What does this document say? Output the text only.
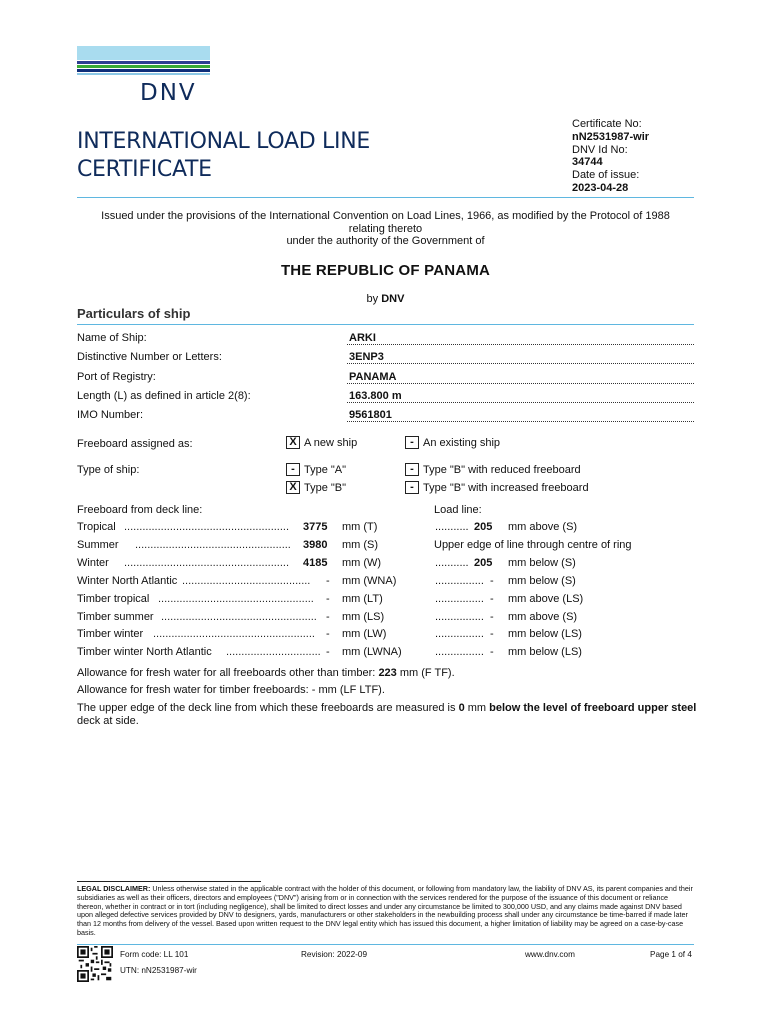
DNV
INTERNATIONAL LOAD LINE
CERTIFICATE
Certificate No:
nN2531987-wir
DNV Id No:
34744
Date of issue:
2023-04-28
Issued under the provisions of the International Convention on Load Lines, 1966, as modified by the Protocol of 1988
relating thereto
under the authority of the Government of
THE REPUBLIC OF PANAMA
by DNV
Particulars of ship
Name of Ship:	ARKI
Distinctive Number or Letters:	3ENP3
Port of Registry:	PANAMA
Length (L) as defined in article 2(8):	163.800 m
IMO Number:	9561801
Freeboard assigned as:	X A new ship	- An existing ship
Type of ship:	- Type "A"	- Type "B" with reduced freeboard
X Type "B"	- Type "B" with increased freeboard
Freeboard from deck line:	Load line:
Tropical ...................................................... 3775 mm (T)	........... 205 mm above (S)
Summer ................................................... 3980 mm (S)	Upper edge of line through centre of ring
Winter ...................................................... 4185 mm (W)	........... 205 mm below (S)
Winter North Atlantic .......................................... - mm (WNA)	................ - mm below (S)
Timber tropical ................................................... - mm (LT)	................ - mm above (LS)
Timber summer ................................................... - mm (LS)	................ - mm above (S)
Timber winter ..................................................... - mm (LW)	................ - mm below (LS)
Timber winter North Atlantic ............................... - mm (LWNA)	................ - mm below (LS)
Allowance for fresh water for all freeboards other than timber: 223 mm (F TF).
Allowance for fresh water for timber freeboards: - mm (LF LTF).
The upper edge of the deck line from which these freeboards are measured is 0 mm below the level of freeboard upper steel deck at side.
LEGAL DISCLAIMER: Unless otherwise stated in the applicable contract with the holder of this document, or following from mandatory law, the liability of DNV AS, its parent companies and their subsidiaries as well as their officers, directors and employees ("DNV") arising from or in connection with the services rendered for the purpose of the issuance of this document or reliance thereon, whether in contract or in tort (including negligence), shall be limited to direct losses and under any circumstance be limited to 300,000 USD, and any claims made against DNV based upon alleged defective services provided by DNV to designers, yards, manufacturers or other stakeholders in the newbuilding process shall under any circumstance be time-barred if made later than 12 months from delivery of the vessel. Based upon written request to the DNV legal entity which has issued this document, a higher limitation of liability may be agreed on a case-by-case basis.
Form code: LL 101	Revision: 2022-09	www.dnv.com	Page 1 of 4
UTN: nN2531987-wir
